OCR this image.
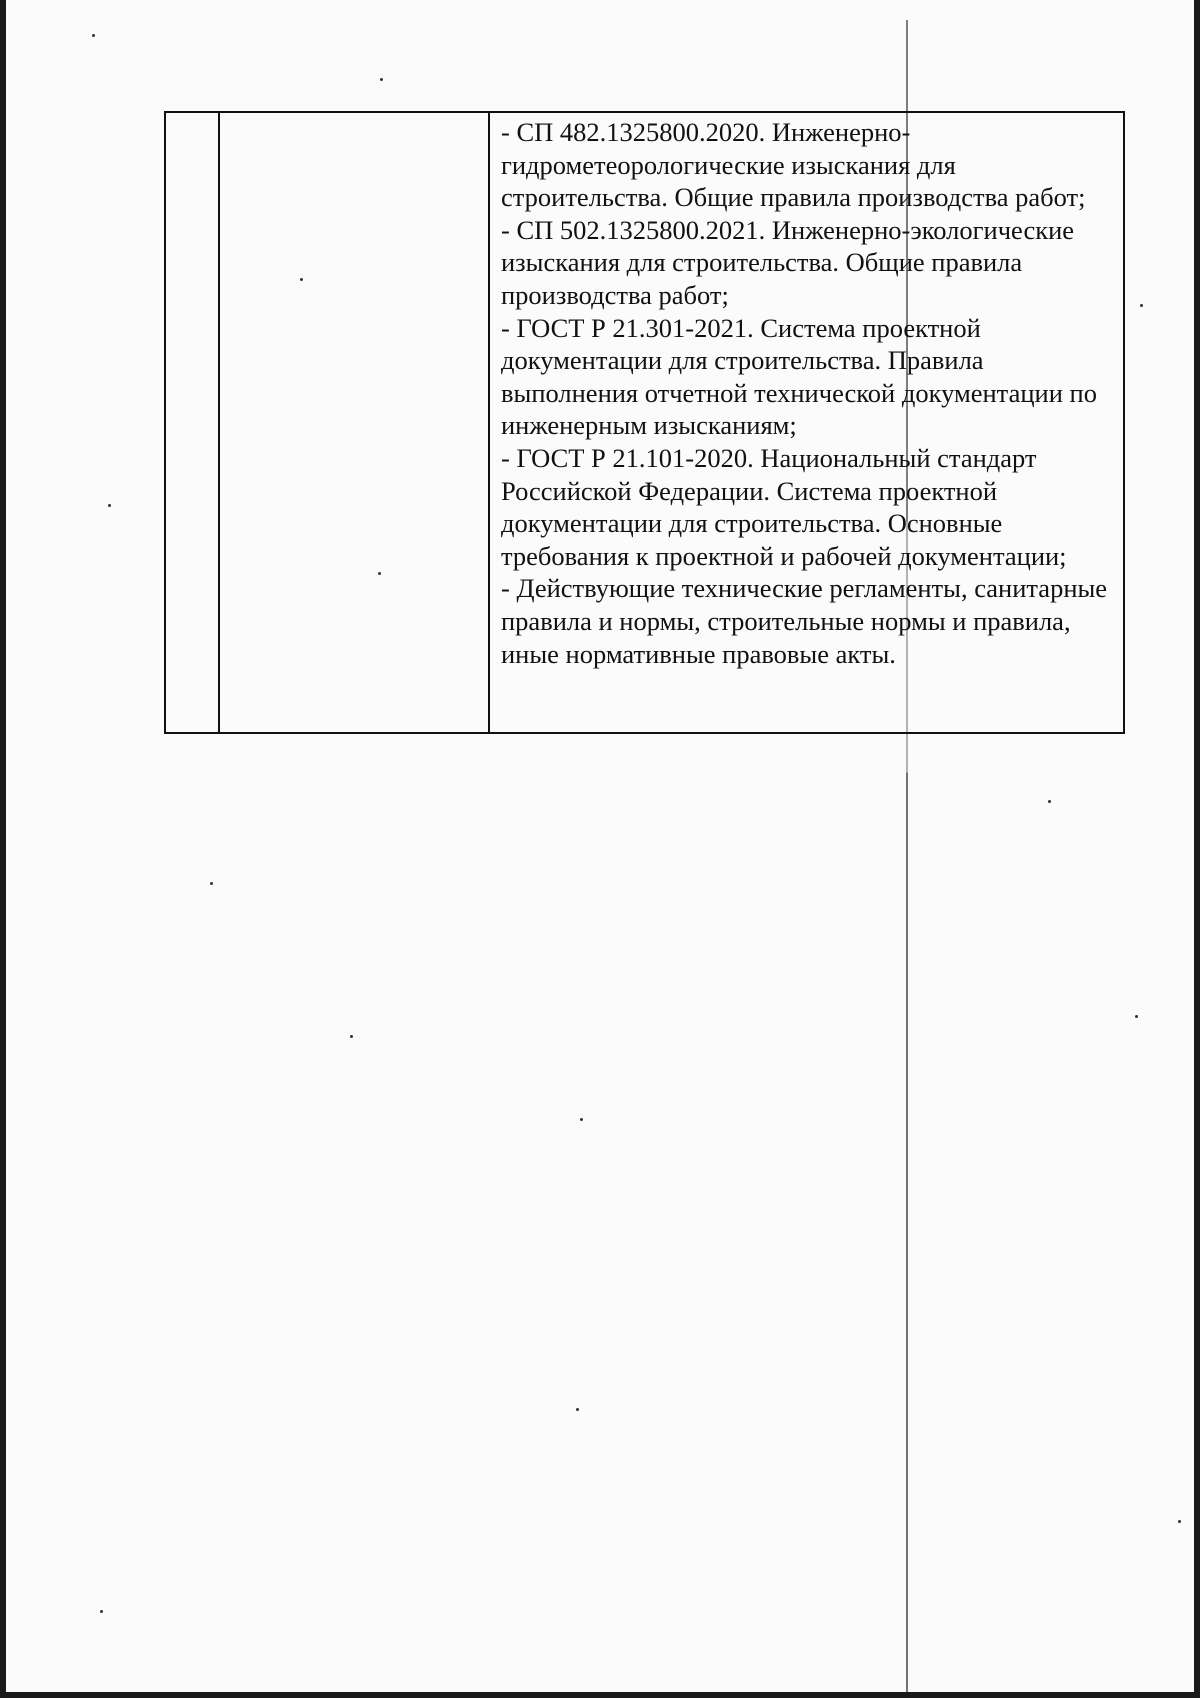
- СП 482.1325800.2020. Инженерно-гидрометеорологические изыскания для строительства. Общие правила производства работ;

- СП 502.1325800.2021. Инженерно-экологические изыскания для строительства. Общие правила производства работ;

- ГОСТ Р 21.301-2021. Система проектной документации для строительства. Правила выполнения отчетной технической документации по инженерным изысканиям;

- ГОСТ Р 21.101-2020. Национальный стандарт Российской Федерации. Система проектной документации для строительства. Основные требования к проектной и рабочей документации;

- Действующие технические регламенты, санитарные правила и нормы, строительные нормы и правила, иные нормативные правовые акты.
